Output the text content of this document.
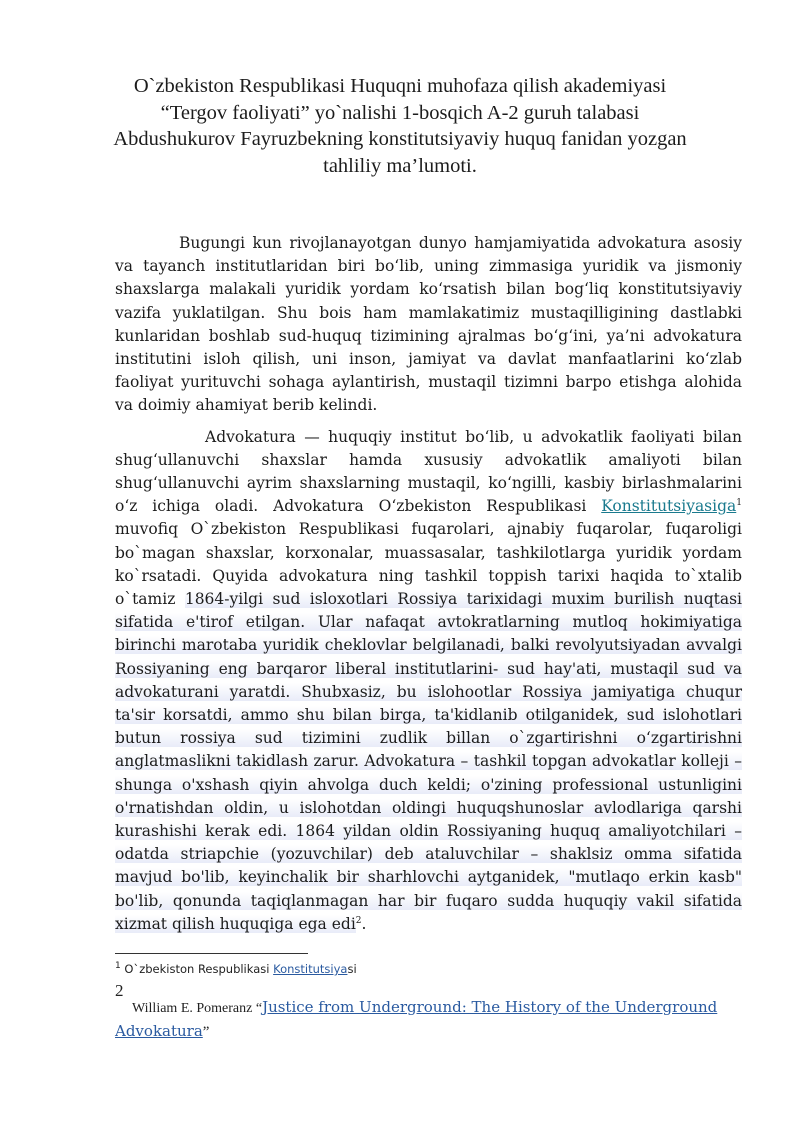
O`zbekiston Respublikasi Huquqni muhofaza qilish akademiyasi
“Tergov faoliyati” yo`nalishi 1-bosqich A-2 guruh talabasi
Abdushukurov Fayruzbekning konstitutsiyaviy huquq fanidan yozgan
tahliliy ma’lumoti.

Bugungi kun rivojlanayotgan dunyo hamjamiyatida advokatura asosiy va tayanch institutlaridan biri bo‘lib, uning zimmasiga yuridik va jismoniy shaxslarga malakali yuridik yordam ko‘rsatish bilan bog‘liq konstitutsiyaviy vazifa yuklatilgan. Shu bois ham mamlakatimiz mustaqilligining dastlabki kunlaridan boshlab sud-huquq tizimining ajralmas bo‘g‘ini, ya’ni advokatura institutini isloh qilish, uni inson, jamiyat va davlat manfaatlarini ko‘zlab faoliyat yurituvchi sohaga aylantirish, mustaqil tizimni barpo etishga alohida va doimiy ahamiyat berib kelindi.

Advokatura — huquqiy institut bo‘lib, u advokatlik faoliyati bilan shug‘ullanuvchi shaxslar hamda xususiy advokatlik amaliyoti bilan shug‘ullanuvchi ayrim shaxslarning mustaqil, ko‘ngilli, kasbiy birlashmalarini o‘z ichiga oladi. Advokatura O‘zbekiston Respublikasi Konstitutsiyasiga$^1$ muvofiq O`zbekiston Respublikasi fuqarolari, ajnabiy fuqarolar, fuqaroligi bo`magan shaxslar, korxonalar, muassasalar, tashkilotlarga yuridik yordam ko`rsatadi. Quyida advokatura ning tashkil toppish tarixi haqida to`xtalib o`tamiz 1864-yilgi sud isloxotlari Rossiya tarixidagi muxim burilish nuqtasi sifatida e'tirof etilgan. Ular nafaqat avtokratlarning mutloq hokimiyatiga birinchi marotaba yuridik cheklovlar belgilanadi, balki revolyutsiyadan avvalgi Rossiyaning eng barqaror liberal institutlarini- sud hay'ati, mustaqil sud va advokaturani yaratdi. Shubxasiz, bu islohootlar Rossiya jamiyatiga chuqur ta'sir korsatdi, ammo shu bilan birga, ta'kidlanib otilganidek, sud islohotlari butun rossiya sud tizimini zudlik billan o`zgartirishni o‘zgartirishni anglatmaslikni takidlash zarur. Advokatura – tashkil topgan advokatlar kolleji – shunga o'xshash qiyin ahvolga duch keldi; o'zining professional ustunligini o'rnatishdan oldin, u islohotdan oldingi huquqshunoslar avlodlariga qarshi kurashishi kerak edi. 1864 yildan oldin Rossiyaning huquq amaliyotchilari – odatda striapchie (yozuvchilar) deb ataluvchilar – shaklsiz omma sifatida mavjud bo'lib, keyinchalik bir sharhlovchi aytganidek, "mutlaqo erkin kasb" bo'lib, qonunda taqiqlanmagan har bir fuqaro sudda huquqiy vakil sifatida xizmat qilish huquqiga ega edi$^2$.

$^1$ O`zbekiston Respublikasi Konstitutsiyasi
2
William E. Pomeranz “Justice from Underground: The History of the Underground Advokatura”
